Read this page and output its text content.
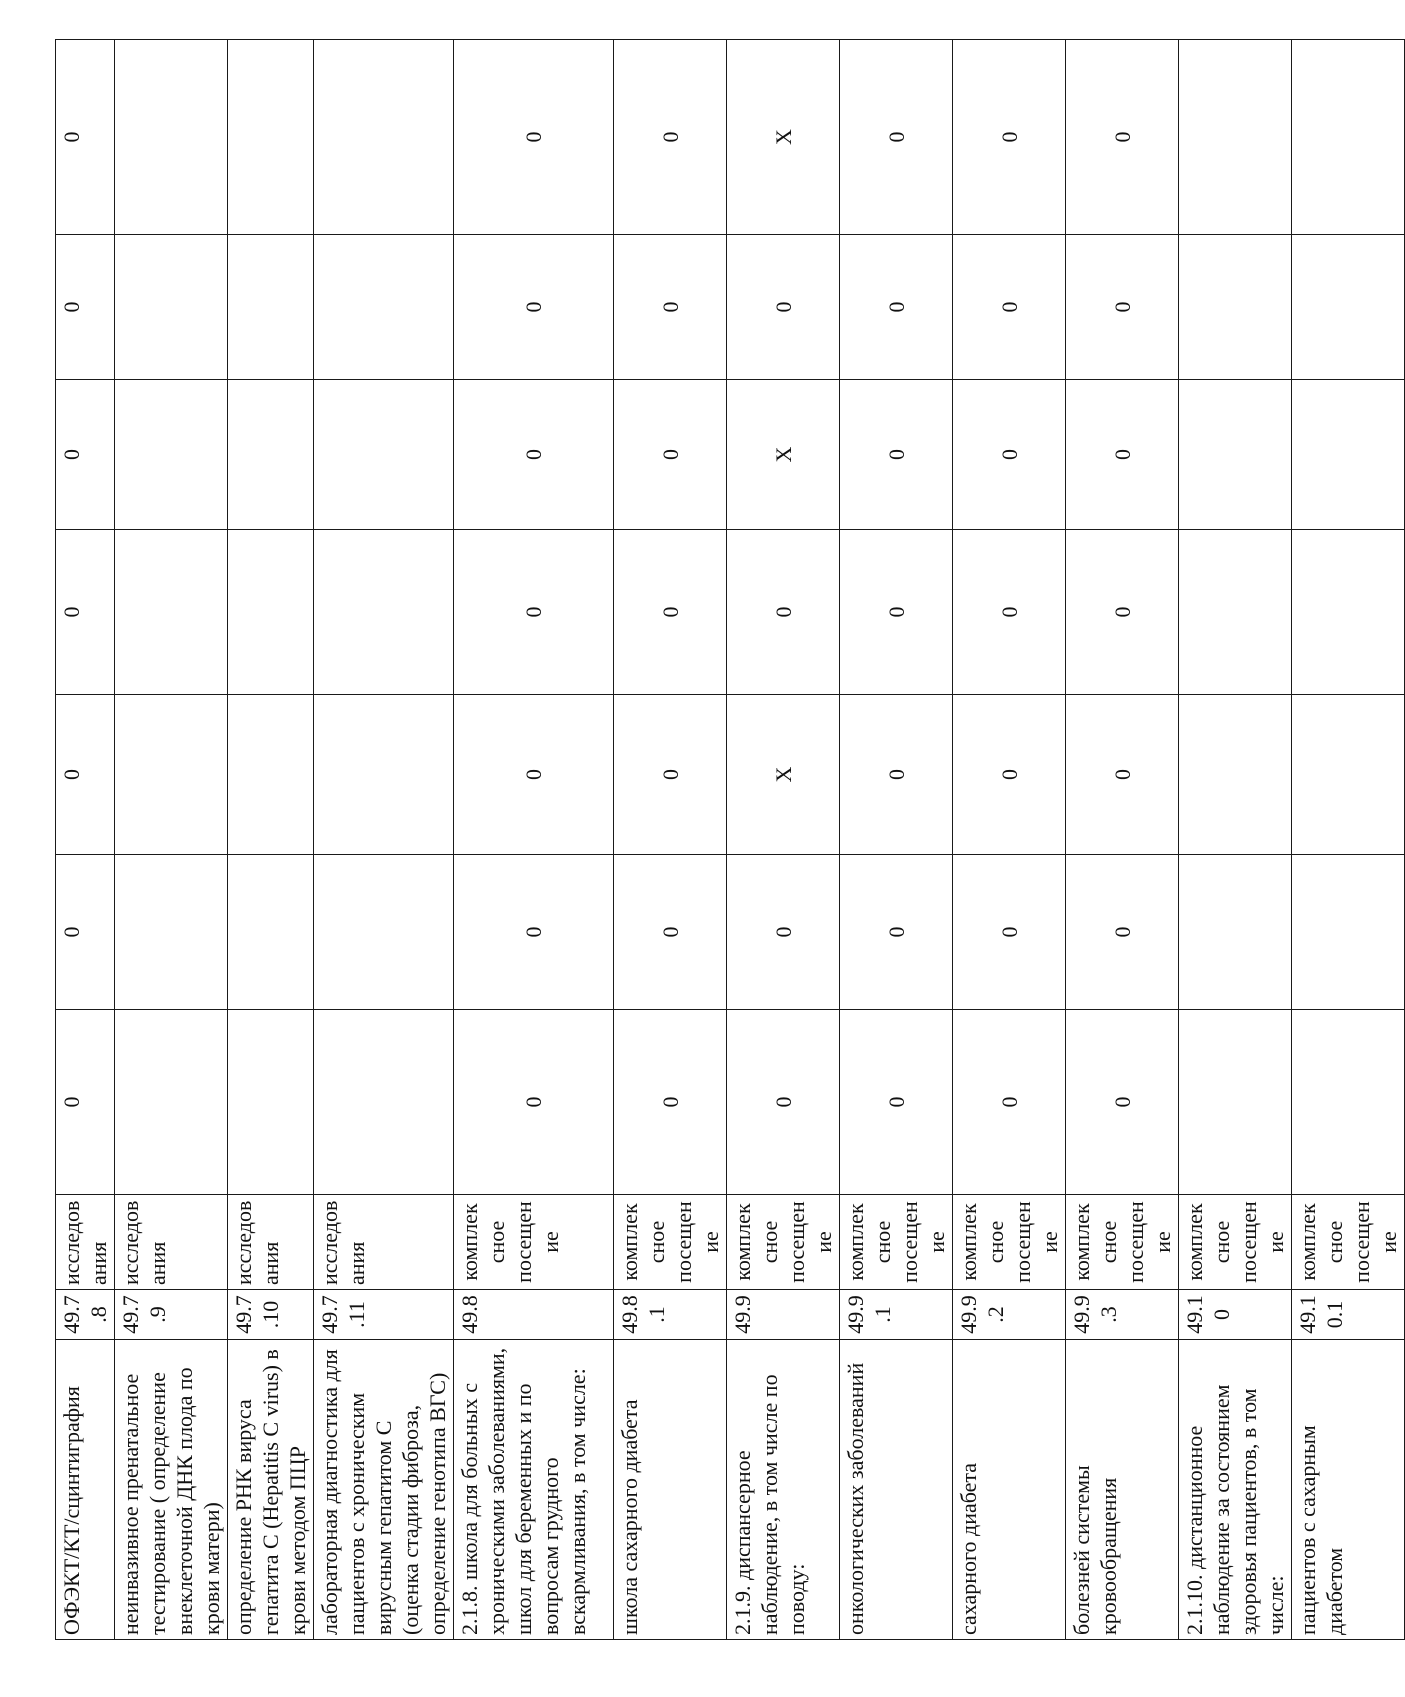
ОФЭКТ/КТ/сцинтиграфия	49.7.8	исследования	0	0	0	0	0	0	0
неинвазивное пренатальное тестирование ( определение внеклеточной ДНК плода по крови матери)	49.7.9	исследования							
определение РНК вируса гепатита С (Hepatitis C virus) в крови методом ПЦР	49.7.10	исследования							
лабораторная диагностика для пациентов с хроническим вирусным гепатитом С (оценка стадии фиброза, определение генотипа ВГС)	49.7.11	исследования							
2.1.8. школа для больных с хроническими заболеваниями, школ для беременных и по вопросам грудного вскармливания, в том числе:	49.8	комплексное посещение	0	0	0	0	0	0	0
школа сахарного диабета	49.8.1	комплексное посещение	0	0	0	0	0	0	0
2.1.9. диспансерное наблюдение, в том числе по поводу:	49.9	комплексное посещение	0	0	X	0	X	0	X
онкологических заболеваний	49.9.1	комплексное посещение	0	0	0	0	0	0	0
сахарного диабета	49.9.2	комплексное посещение	0	0	0	0	0	0	0
болезней системы кровообращения	49.9.3	комплексное посещение	0	0	0	0	0	0	0
2.1.10. дистанционное наблюдение за состоянием здоровья пациентов, в том числе:	49.10	комплексное посещение							
пациентов с сахарным диабетом	49.10.1	комплексное посещение							
